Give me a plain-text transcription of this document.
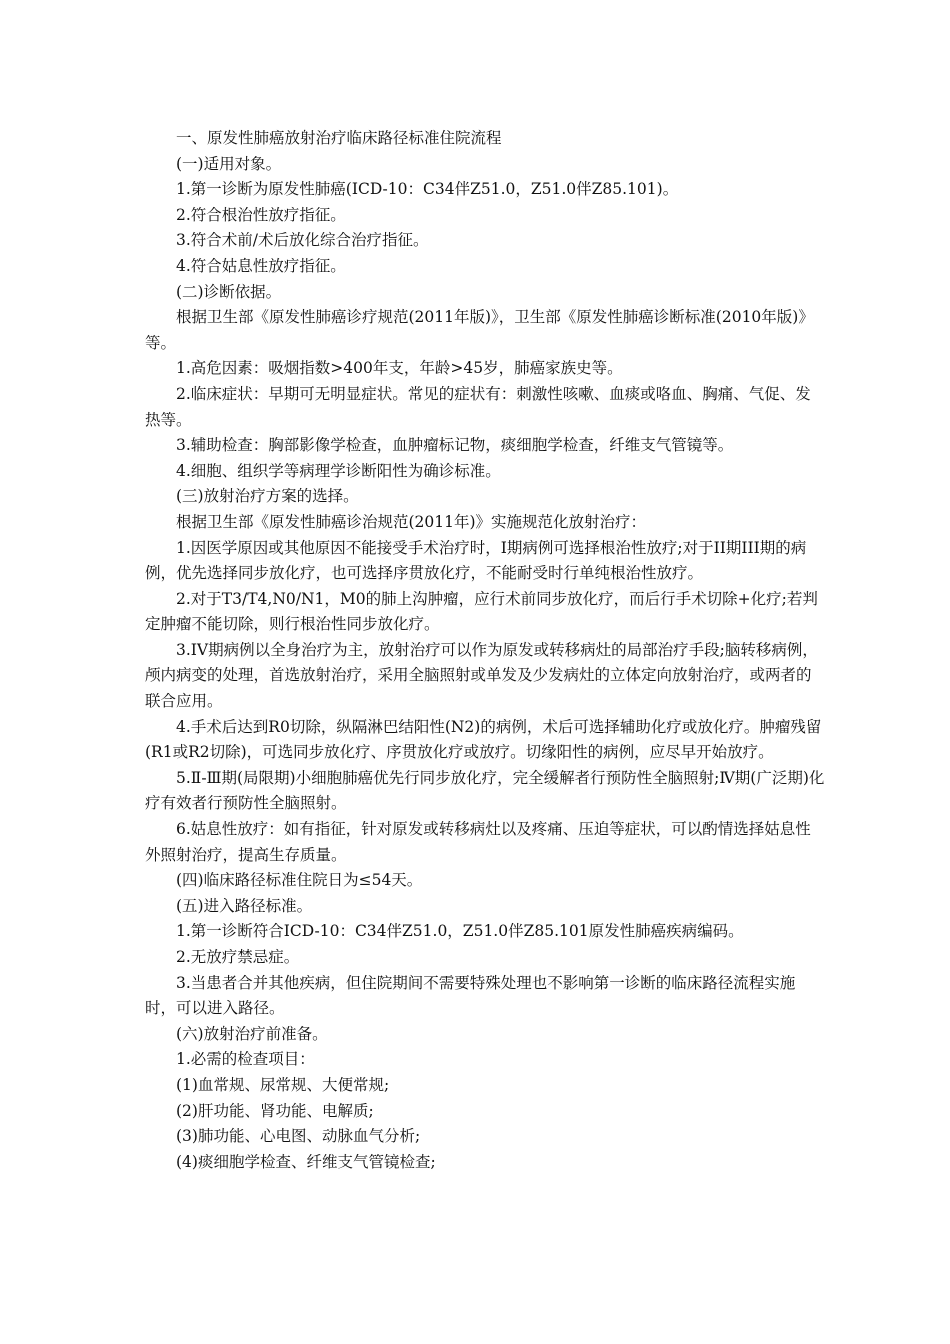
一、原发性肺癌放射治疗临床路径标准住院流程

(一)适用对象。

1.第一诊断为原发性肺癌(ICD-10：C34伴Z51.0，Z51.0伴Z85.101)。

2.符合根治性放疗指征。

3.符合术前/术后放化综合治疗指征。

4.符合姑息性放疗指征。

(二)诊断依据。

根据卫生部《原发性肺癌诊疗规范(2011年版)》，卫生部《原发性肺癌诊断标准(2010年版)》等。

1.高危因素：吸烟指数>400年支，年龄>45岁，肺癌家族史等。

2.临床症状：早期可无明显症状。常见的症状有：刺激性咳嗽、血痰或咯血、胸痛、气促、发热等。

3.辅助检查：胸部影像学检查，血肿瘤标记物，痰细胞学检查，纤维支气管镜等。

4.细胞、组织学等病理学诊断阳性为确诊标准。

(三)放射治疗方案的选择。

根据卫生部《原发性肺癌诊治规范(2011年)》实施规范化放射治疗：

1.因医学原因或其他原因不能接受手术治疗时，I期病例可选择根治性放疗;对于II期III期的病例，优先选择同步放化疗，也可选择序贯放化疗，不能耐受时行单纯根治性放疗。

2.对于T3/T4,N0/N1，M0的肺上沟肿瘤，应行术前同步放化疗，而后行手术切除+化疗;若判定肿瘤不能切除，则行根治性同步放化疗。

3.IV期病例以全身治疗为主，放射治疗可以作为原发或转移病灶的局部治疗手段;脑转移病例，颅内病变的处理，首选放射治疗，采用全脑照射或单发及少发病灶的立体定向放射治疗，或两者的联合应用。

4.手术后达到R0切除，纵隔淋巴结阳性(N2)的病例，术后可选择辅助化疗或放化疗。肿瘤残留(R1或R2切除)，可选同步放化疗、序贯放化疗或放疗。切缘阳性的病例，应尽早开始放疗。

5.Ⅱ-Ⅲ期(局限期)小细胞肺癌优先行同步放化疗，完全缓解者行预防性全脑照射;Ⅳ期(广泛期)化疗有效者行预防性全脑照射。

6.姑息性放疗：如有指征，针对原发或转移病灶以及疼痛、压迫等症状，可以酌情选择姑息性外照射治疗，提高生存质量。

(四)临床路径标准住院日为≤54天。

(五)进入路径标准。

1.第一诊断符合ICD-10：C34伴Z51.0，Z51.0伴Z85.101原发性肺癌疾病编码。

2.无放疗禁忌症。

3.当患者合并其他疾病，但住院期间不需要特殊处理也不影响第一诊断的临床路径流程实施时，可以进入路径。

(六)放射治疗前准备。

1.必需的检查项目：

(1)血常规、尿常规、大便常规;

(2)肝功能、肾功能、电解质;

(3)肺功能、心电图、动脉血气分析;

(4)痰细胞学检查、纤维支气管镜检查;
